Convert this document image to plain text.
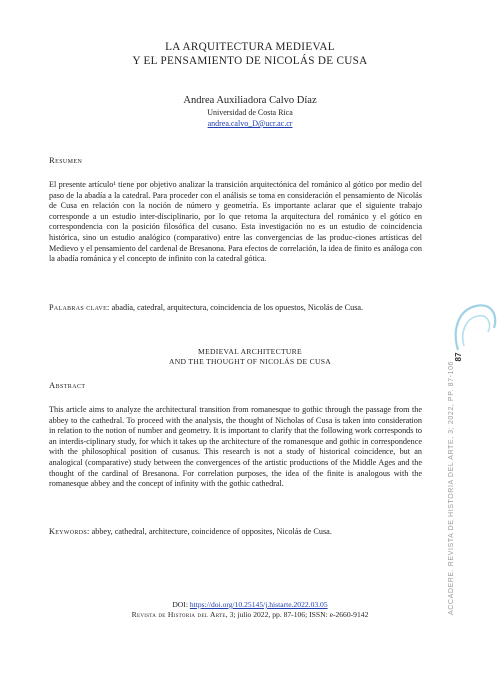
LA ARQUITECTURA MEDIEVAL
Y EL PENSAMIENTO DE NICOLÁS DE CUSA
Andrea Auxiliadora Calvo Díaz
Universidad de Costa Rica
andrea.calvo_D@ucr.ac.cr
Resumen

El presente artículo¹ tiene por objetivo analizar la transición arquitectónica del románico al gótico por medio del paso de la abadía a la catedral. Para proceder con el análisis se toma en consideración el pensamiento de Nicolás de Cusa en relación con la noción de número y geometría. Es importante aclarar que el siguiente trabajo corresponde a un estudio inter-disciplinario, por lo que retoma la arquitectura del románico y el gótico en correspondencia con la posición filosófica del cusano. Esta investigación no es un estudio de coincidencia histórica, sino un estudio analógico (comparativo) entre las convergencias de las produc-ciones artísticas del Medievo y el pensamiento del cardenal de Bresanona. Para efectos de correlación, la idea de finito es análoga con la abadía románica y el concepto de infinito con la catedral gótica.

Palabras clave: abadía, catedral, arquitectura, coincidencia de los opuestos, Nicolás de Cusa.

MEDIEVAL ARCHITECTURE
AND THE THOUGHT OF NICOLÁS DE CUSA
Abstract

This article aims to analyze the architectural transition from romanesque to gothic through the passage from the abbey to the cathedral. To proceed with the analysis, the thought of Nicholas of Cusa is taken into consideration in relation to the notion of number and geometry. It is important to clarify that the following work corresponds to an interdis-ciplinary study, for which it takes up the architecture of the romanesque and gothic in correspondence with the philosophical position of cusanus. This research is not a study of historical coincidence, but an analogical (comparative) study between the convergences of the artistic productions of the Middle Ages and the thought of the cardinal of Bresanona. For correlation purposes, the idea of the finite is analogous with the romanesque abbey and the concept of infinity with the gothic cathedral.

Keywords: abbey, cathedral, architecture, coincidence of opposites, Nicolás de Cusa.

DOI: https://doi.org/10.25145/j.histarte.2022.03.05
Revista de Historia del Arte, 3; julio 2022, pp. 87-106; ISSN: e-2660-9142
87
ACCADERE. REVISTA DE HISTORIA DEL ARTE, 3; 2022, PP. 87-106
